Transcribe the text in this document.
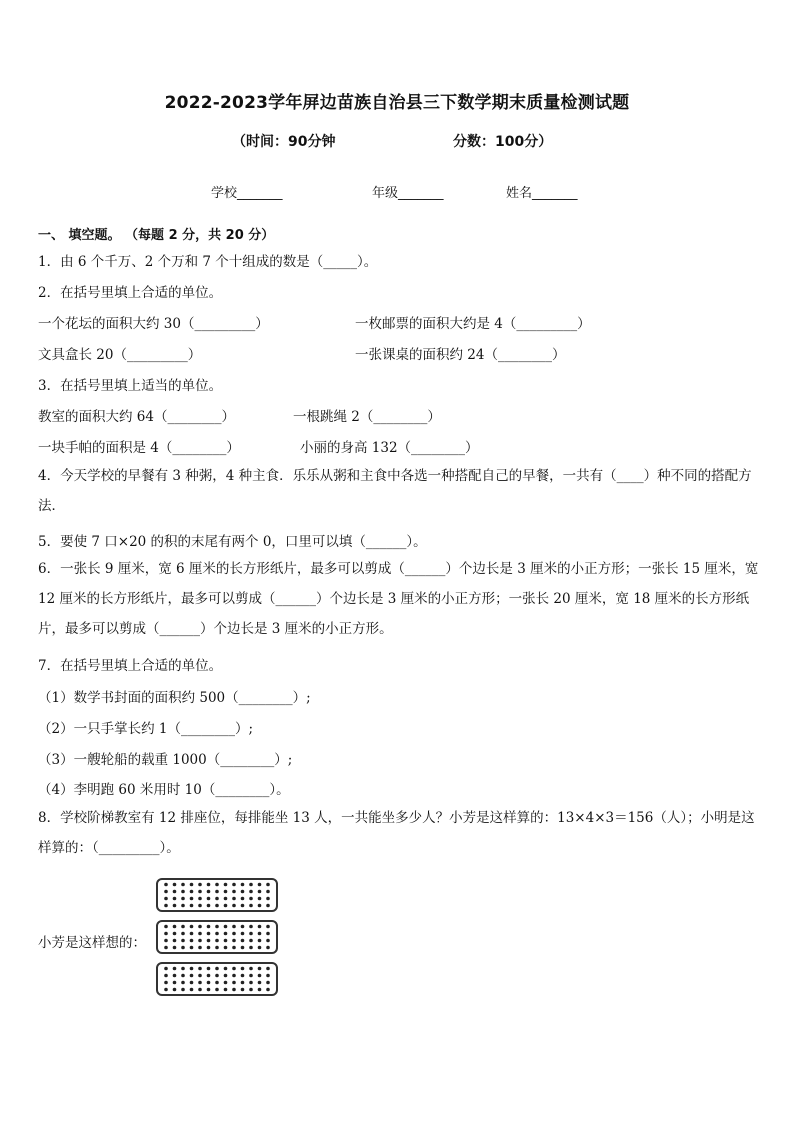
2022-2023学年屏边苗族自治县三下数学期末质量检测试题
（时间：90分钟	分数：100分）
学校_______	年级_______	姓名_______
一、 填空题。 （每题 2 分，共 20 分）
1．由 6 个千万、2 个万和 7 个十组成的数是（_____）。
2．在括号里填上合适的单位。
一个花坛的面积大约 30（_________）	一枚邮票的面积大约是 4（_________）
文具盒长 20（_________）	一张课桌的面积约 24（________）
3．在括号里填上适当的单位。
教室的面积大约 64（________）	一根跳绳 2（________）
一块手帕的面积是 4（________）	小丽的身高 132（________）
4．今天学校的早餐有 3 种粥，4 种主食．乐乐从粥和主食中各选一种搭配自己的早餐，一共有（____）种不同的搭配方法．
5．要使 7 口×20 的积的末尾有两个 0，口里可以填（______）。
6．一张长 9 厘米，宽 6 厘米的长方形纸片，最多可以剪成（______）个边长是 3 厘米的小正方形；一张长 15 厘米，宽 12 厘米的长方形纸片，最多可以剪成（______）个边长是 3 厘米的小正方形；一张长 20 厘米，宽 18 厘米的长方形纸片，最多可以剪成（______）个边长是 3 厘米的小正方形。
7．在括号里填上合适的单位。
（1）数学书封面的面积约 500（________）;
（2）一只手掌长约 1（________）;
（3）一艘轮船的载重 1000（________）;
（4）李明跑 60 米用时 10（________）。
8．学校阶梯教室有 12 排座位，每排能坐 13 人，一共能坐多少人？小芳是这样算的：13×4×3＝156（人）；小明是这样算的：（_________）。
小芳是这样想的：
